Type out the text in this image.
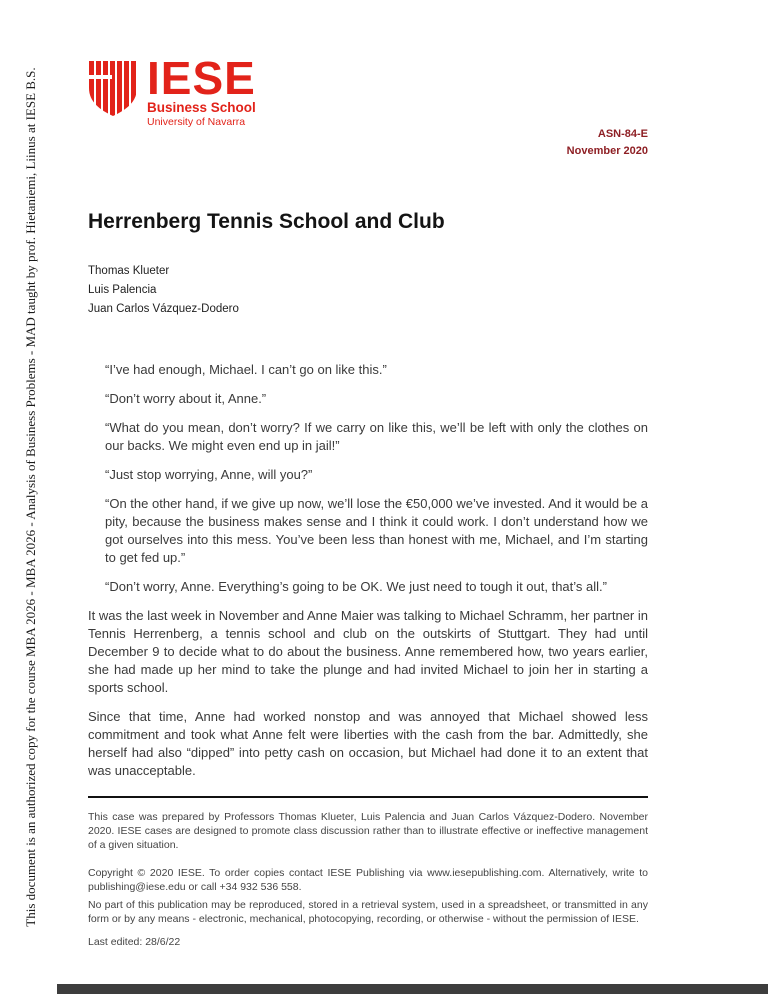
This document is an authorized copy for the course MBA 2026 - MBA 2026 - Analysis of Business Problems - MAD taught by prof. Hietaniemi, Liinus at IESE B.S. IESE
Business School
University of Navarra
ASN-84-E
November 2020
Herrenberg Tennis School and Club

Thomas Klueter

Luis Palencia

Juan Carlos Vázquez-Dodero

“I’ve had enough, Michael. I can’t go on like this.”

“Don’t worry about it, Anne.”

“What do you mean, don’t worry? If we carry on like this, we’ll be left with only the clothes on our backs. We might even end up in jail!”

“Just stop worrying, Anne, will you?”

“On the other hand, if we give up now, we’ll lose the €50,000 we’ve invested. And it would be a pity, because the business makes sense and I think it could work. I don’t understand how we got ourselves into this mess. You’ve been less than honest with me, Michael, and I’m starting to get fed up.”

“Don’t worry, Anne. Everything’s going to be OK. We just need to tough it out, that’s all.”

It was the last week in November and Anne Maier was talking to Michael Schramm, her partner in Tennis Herrenberg, a tennis school and club on the outskirts of Stuttgart. They had until December 9 to decide what to do about the business. Anne remembered how, two years earlier, she had made up her mind to take the plunge and had invited Michael to join her in starting a sports school.

Since that time, Anne had worked nonstop and was annoyed that Michael showed less commitment and took what Anne felt were liberties with the cash from the bar. Admittedly, she herself had also “dipped” into petty cash on occasion, but Michael had done it to an extent that was unacceptable.

This case was prepared by Professors Thomas Klueter, Luis Palencia and Juan Carlos Vázquez-Dodero. November 2020. IESE cases are designed to promote class discussion rather than to illustrate effective or ineffective management of a given situation.

Copyright © 2020 IESE. To order copies contact IESE Publishing via www.iesepublishing.com. Alternatively, write to publishing@iese.edu or call +34 932 536 558.

No part of this publication may be reproduced, stored in a retrieval system, used in a spreadsheet, or transmitted in any form or by any means - electronic, mechanical, photocopying, recording, or otherwise - without the permission of IESE.

Last edited: 28/6/22
